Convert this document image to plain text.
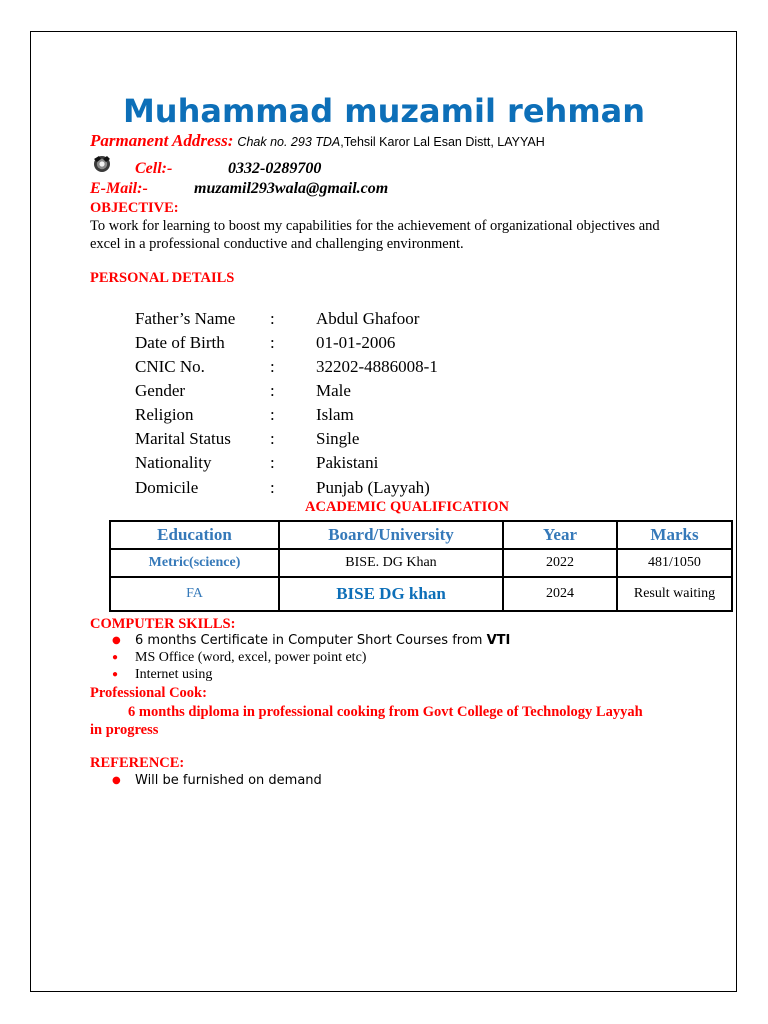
Muhammad muzamil rehman
Parmanent Address: Chak no. 293 TDA,Tehsil Karor Lal Esan Distt, LAYYAH
Cell:-	0332-0289700
E-Mail:-	muzamil293wala@gmail.com
OBJECTIVE:
To work for learning to boost my capabilities for the achievement of organizational objectives and excel in a professional conductive and challenging environment.
PERSONAL DETAILS
Father’s Name : Abdul Ghafoor
Date of Birth	: 01-01-2006
CNIC No.	: 32202-4886008-1
Gender	: Male
Religion	: Islam
Marital Status : Single
Nationality	: Pakistani
Domicile	: Punjab (Layyah)
ACADEMIC QUALIFICATION
Education	Board/University	Year	Marks
Metric(science)	BISE. DG Khan	2022	481/1050
FA	BISE DG khan	2024	Result waiting
COMPUTER SKILLS:
● 6 months Certificate in Computer Short Courses from VTI
● MS Office (word, excel, power point etc)
● Internet using
Professional Cook:
6 months diploma in professional cooking from Govt College of Technology Layyah
in progress
REFERENCE:
● Will be furnished on demand
